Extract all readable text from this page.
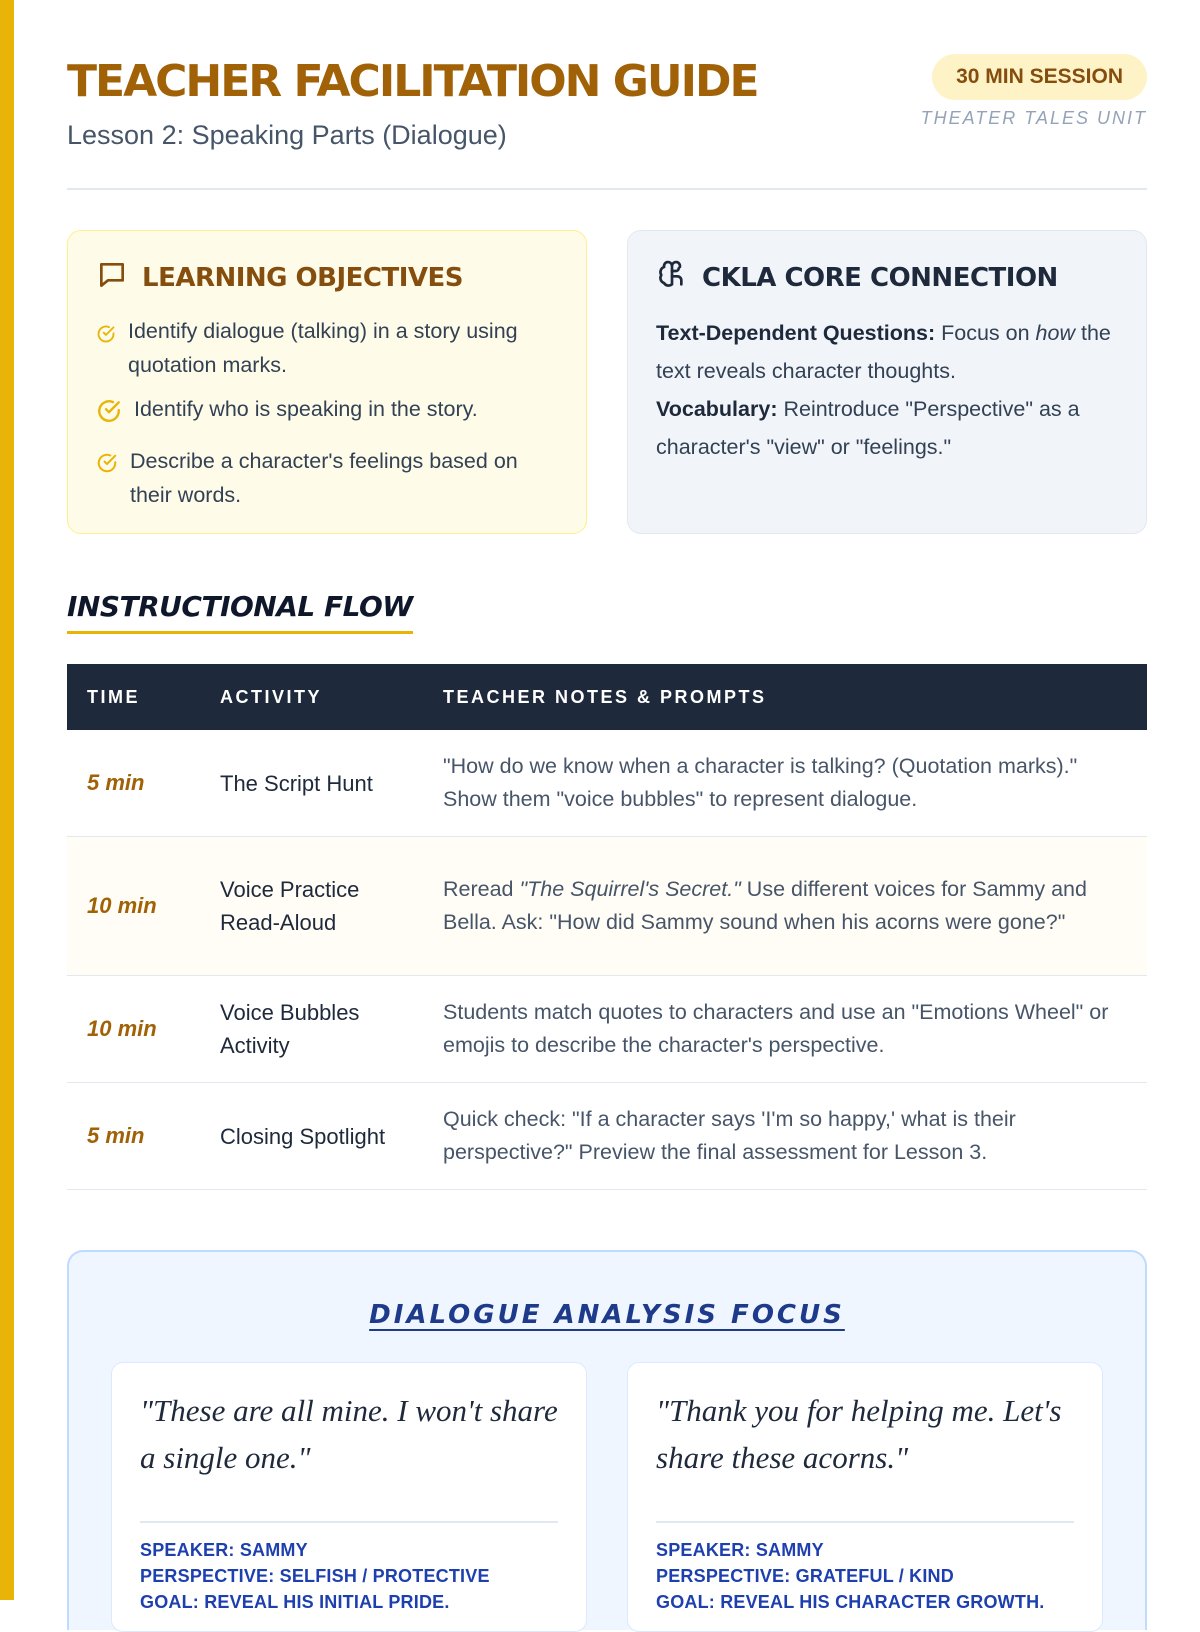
TEACHER FACILITATION GUIDE
Lesson 2: Speaking Parts (Dialogue)
30 MIN SESSION
THEATER TALES UNIT
LEARNING OBJECTIVES
Identify dialogue (talking) in a story using quotation marks.
Identify who is speaking in the story.
Describe a character's feelings based on their words.
CKLA CORE CONNECTION

Text-Dependent Questions: Focus on how the text reveals character thoughts.

Vocabulary: Reintroduce "Perspective" as a character's "view" or "feelings."

INSTRUCTIONAL FLOW
TIME	ACTIVITY	TEACHER NOTES & PROMPTS
5 min	The Script Hunt	"How do we know when a character is talking? (Quotation marks)." Show them "voice bubbles" to represent dialogue.
10 min	Voice Practice Read-Aloud	Reread "The Squirrel's Secret." Use different voices for Sammy and Bella. Ask: "How did Sammy sound when his acorns were gone?"
10 min	Voice Bubbles Activity	Students match quotes to characters and use an "Emotions Wheel" or emojis to describe the character's perspective.
5 min	Closing Spotlight	Quick check: "If a character says 'I'm so happy,' what is their perspective?" Preview the final assessment for Lesson 3.
DIALOGUE ANALYSIS FOCUS

"These are all mine. I won't share a single one."

SPEAKER: SAMMY
PERSPECTIVE: SELFISH / PROTECTIVE
GOAL: REVEAL HIS INITIAL PRIDE.

"Thank you for helping me. Let's share these acorns."

SPEAKER: SAMMY
PERSPECTIVE: GRATEFUL / KIND
GOAL: REVEAL HIS CHARACTER GROWTH.
